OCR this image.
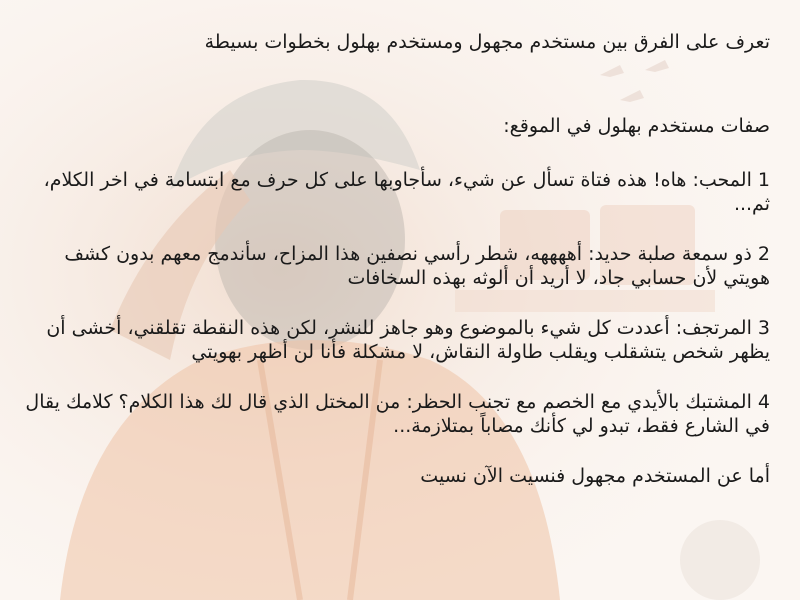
تعرف على الفرق بين مستخدم مجهول ومستخدم بهلول بخطوات بسيطة

صفات مستخدم بهلول في الموقع:

1 المحب: هاه! هذه فتاة تسأل عن شيء، سأجاوبها على كل حرف مع ابتسامة في اخر الكلام، ثم...

2 ذو سمعة صلبة حديد: أههههه، شطر رأسي نصفين هذا المزاح، سأندمج معهم بدون كشف هويتي لأن حسابي جاد، لا أريد أن ألوثه بهذه السخافات

3 المرتجف: أعددت كل شيء بالموضوع وهو جاهز للنشر، لكن هذه النقطة تقلقني، أخشى أن يظهر شخص يتشقلب ويقلب طاولة النقاش، لا مشكلة فأنا لن أظهر بهويتي

4 المشتبك بالأيدي مع الخصم مع تجنب الحظر: من المختل الذي قال لك هذا الكلام؟ كلامك يقال في الشارع فقط، تبدو لي كأنك مصاباً بمتلازمة...

أما عن المستخدم مجهول فنسيت الآن نسيت
